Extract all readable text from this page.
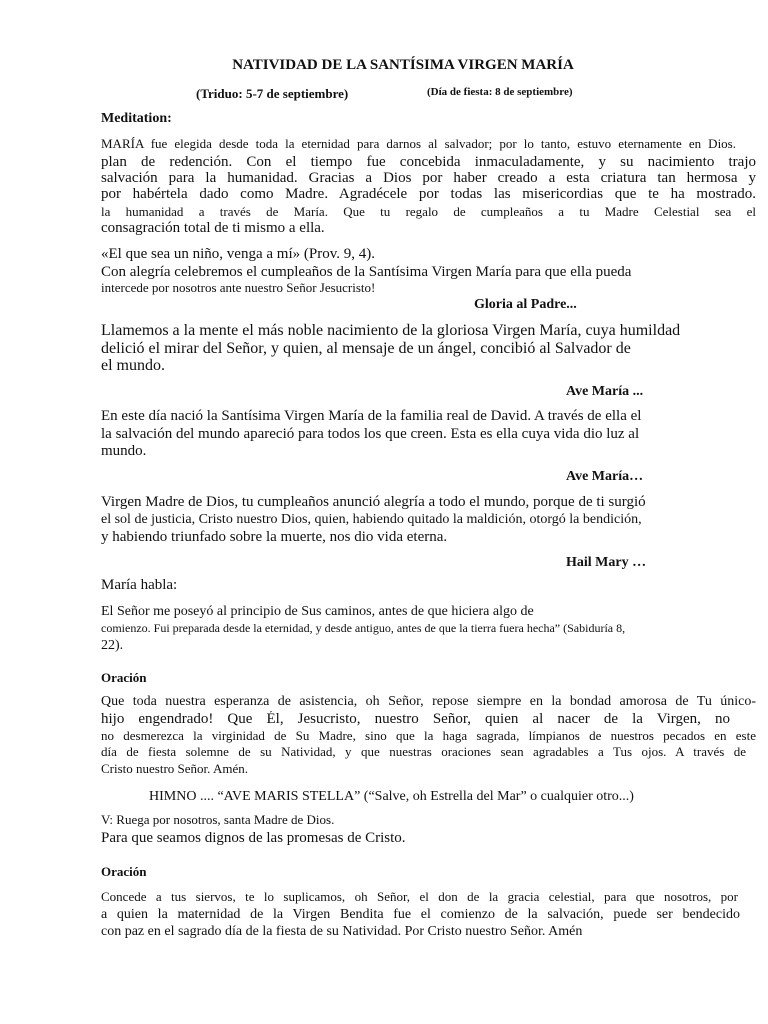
NATIVIDAD DE LA SANTÍSIMA VIRGEN MARÍA
(Triduo: 5-7 de septiembre)	(Día de fiesta: 8 de septiembre)
Meditation:
MARÍA fue elegida desde toda la eternidad para darnos al salvador; por lo tanto, estuvo eternamente en Dios.
plan de redención. Con el tiempo fue concebida inmaculadamente, y su nacimiento trajo
salvación para la humanidad. Gracias a Dios por haber creado a esta criatura tan hermosa y
por habértela dado como Madre. Agradécele por todas las misericordias que te ha mostrado.
la humanidad a través de María. Que tu regalo de cumpleaños a tu Madre Celestial sea el
consagración total de ti mismo a ella.
«El que sea un niño, venga a mí» (Prov. 9, 4).
Con alegría celebremos el cumpleaños de la Santísima Virgen María para que ella pueda
intercede por nosotros ante nuestro Señor Jesucristo!
Gloria al Padre...
Llamemos a la mente el más noble nacimiento de la gloriosa Virgen María, cuya humildad
delició el mirar del Señor, y quien, al mensaje de un ángel, concibió al Salvador de
el mundo.
Ave María ...
En este día nació la Santísima Virgen María de la familia real de David. A través de ella el
la salvación del mundo apareció para todos los que creen. Esta es ella cuya vida dio luz al
mundo.
Ave María…
Virgen Madre de Dios, tu cumpleaños anunció alegría a todo el mundo, porque de ti surgió
el sol de justicia, Cristo nuestro Dios, quien, habiendo quitado la maldición, otorgó la bendición,
y habiendo triunfado sobre la muerte, nos dio vida eterna.
Hail Mary …
María habla:
El Señor me poseyó al principio de Sus caminos, antes de que hiciera algo de
comienzo. Fui preparada desde la eternidad, y desde antiguo, antes de que la tierra fuera hecha” (Sabiduría 8,
22).
Oración
Que toda nuestra esperanza de asistencia, oh Señor, repose siempre en la bondad amorosa de Tu único-
hijo engendrado! Que Él, Jesucristo, nuestro Señor, quien al nacer de la Virgen, no
no desmerezca la virginidad de Su Madre, sino que la haga sagrada, límpianos de nuestros pecados en este
día de fiesta solemne de su Natividad, y que nuestras oraciones sean agradables a Tus ojos. A través de
Cristo nuestro Señor. Amén.
HIMNO .... “AVE MARIS STELLA” (“Salve, oh Estrella del Mar” o cualquier otro...)
V: Ruega por nosotros, santa Madre de Dios.
Para que seamos dignos de las promesas de Cristo.
Oración
Concede a tus siervos, te lo suplicamos, oh Señor, el don de la gracia celestial, para que nosotros, por
a quien la maternidad de la Virgen Bendita fue el comienzo de la salvación, puede ser bendecido
con paz en el sagrado día de la fiesta de su Natividad. Por Cristo nuestro Señor. Amén
